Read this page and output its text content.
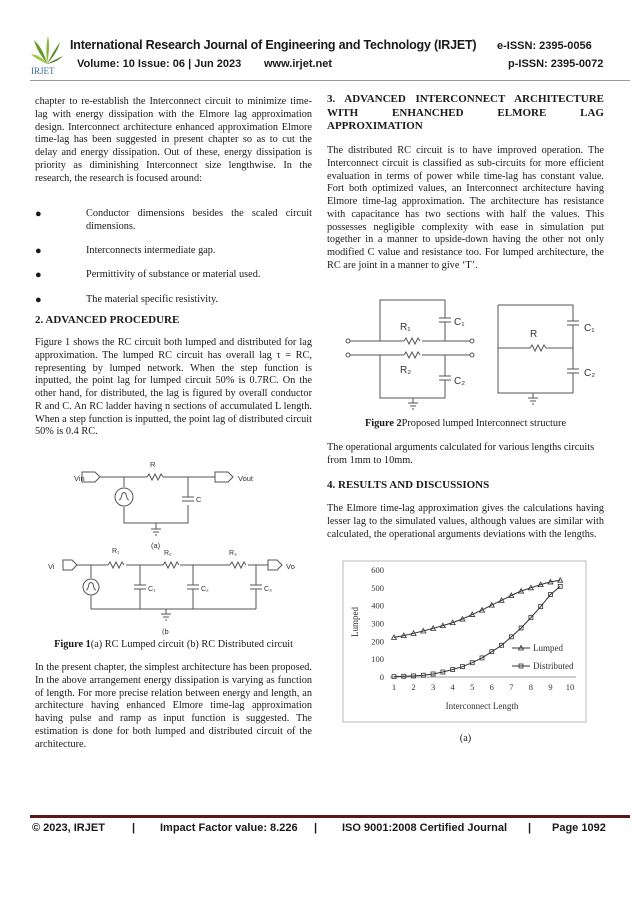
IRJET
International Research Journal of Engineering and Technology (IRJET) e-ISSN: 2395-0056
Volume: 10 Issue: 06 | Jun 2023 www.irjet.net	p-ISSN: 2395-0072
chapter to re-establish the Interconnect circuit to minimize time-lag with energy dissipation with the Elmore lag approximation design. Interconnect architecture enhanced approximation Elmore time-lag has been suggested in present chapter so as to cut the delay and energy dissipation. Out of these, energy dissipation is priority as diminishing Interconnect size lengthwise. In the research, the research is focused around:
●	Conductor dimensions besides the scaled circuit dimensions.
●	Interconnects intermediate gap.
●	Permittivity of substance or material used.
●	The material specific resistivity.
2. ADVANCED PROCEDURE
Figure 1 shows the RC circuit both lumped and distributed for lag approximation. The lumped RC circuit has overall lag τ = RC, representing by lumped network. When the step function is inputted, the point lag for lumped circuit 50% is 0.7RC. On the other hand, for distributed, the lag is figured by overall conductor R and C. An RC ladder having n sections of accumulated L length. When a step function is inputted, the point lag of distributed circuit 50% is 0.4 RC.
Vin	Vout
R
C
(a)
Vi	Vo
R₁	R₂	R₃
C₁	C₂	C₃
(b
Figure 1(a) RC Lumped circuit (b) RC Distributed circuit
In the present chapter, the simplest architecture has been proposed. In the above arrangement energy dissipation is varying as function of length. For more precise relation between energy and length, an architecture having enhanced Elmore time-lag approximation having pulse and ramp as input function is suggested. The estimation is done for both lumped and distributed circuit of the architecture.
3. ADVANCED INTERCONNECT ARCHITECTURE WITH ENHANCHED ELMORE LAG APPROXIMATION
The distributed RC circuit is to have improved operation. The Interconnect circuit is classified as sub-circuits for more efficient evaluation in terms of power while time-lag has constant value. Fort both optimized values, an Interconnect architecture having Elmore time-lag approximation. The architecture has resistance with capacitance has two sections with half the values. This possesses negligible complexity with ease in simulation put together in a manner to upside-down having the other not only modified C value and resistance too. For lumped architecture, the RC are joint in a manner to give ‘T’.
R₁
R₂
C₁
C₂
R
C₁
C₂
Figure 2Proposed lumped Interconnect structure
The operational arguments calculated for various lengths circuits from 1mm to 10mm.
4. RESULTS AND DISCUSSIONS
The Elmore time-lag approximation gives the calculations having lesser lag to the simulated values, although values are similar with calculated, the operational arguments deviations with the lengths.
0
100
200
300
400
500
600
1 2 3 4 5 6 7 8 9 10
Lumped
Distributed
Lumped
Interconnect Length
(a)
© 2023, IRJET | Impact Factor value: 8.226 | ISO 9001:2008 Certified Journal | Page 1092
